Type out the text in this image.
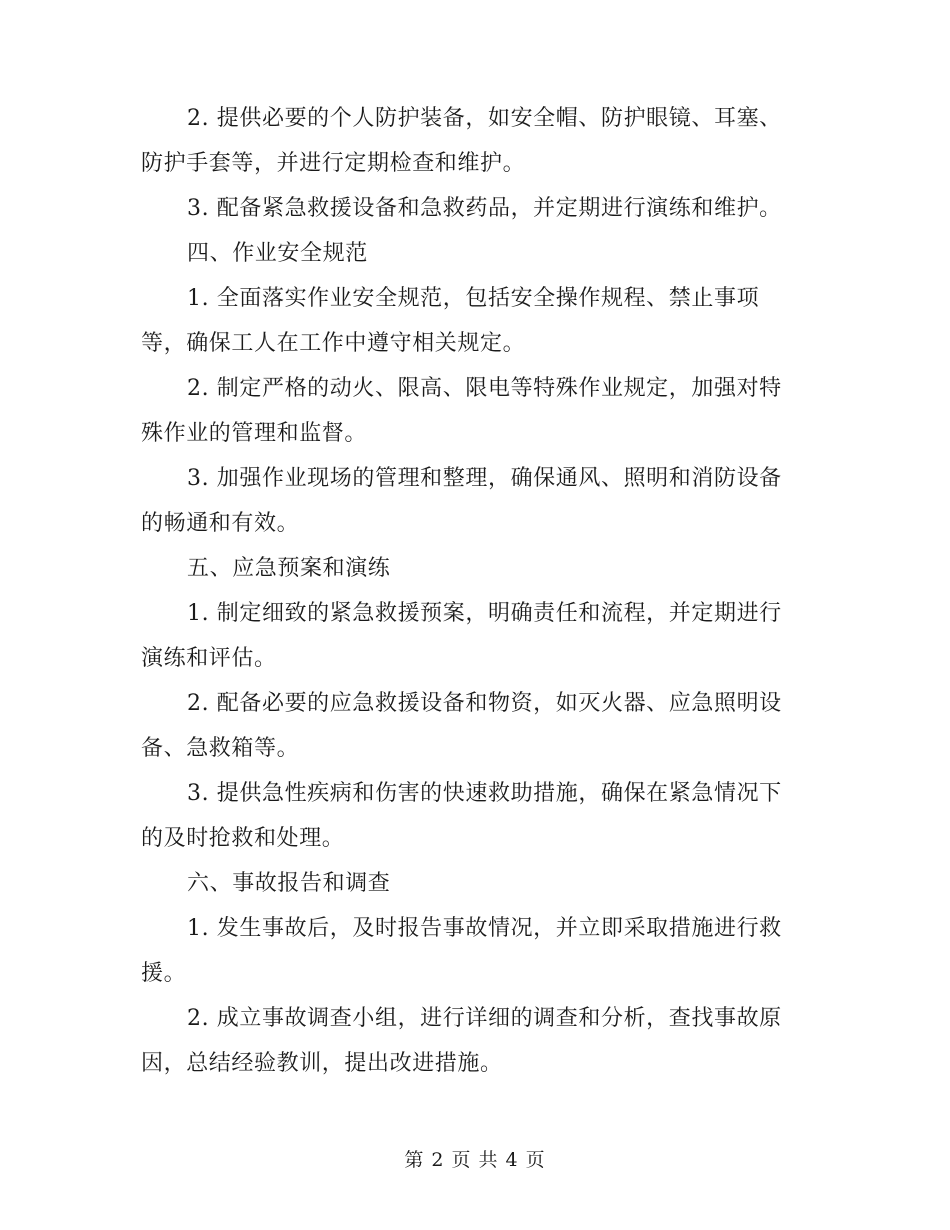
2. 提供必要的个人防护装备，如安全帽、防护眼镜、耳塞、
防护手套等，并进行定期检查和维护。
3. 配备紧急救援设备和急救药品，并定期进行演练和维护。
四、作业安全规范
1. 全面落实作业安全规范，包括安全操作规程、禁止事项
等，确保工人在工作中遵守相关规定。
2. 制定严格的动火、限高、限电等特殊作业规定，加强对特
殊作业的管理和监督。
3. 加强作业现场的管理和整理，确保通风、照明和消防设备
的畅通和有效。
五、应急预案和演练
1. 制定细致的紧急救援预案，明确责任和流程，并定期进行
演练和评估。
2. 配备必要的应急救援设备和物资，如灭火器、应急照明设
备、急救箱等。
3. 提供急性疾病和伤害的快速救助措施，确保在紧急情况下
的及时抢救和处理。
六、事故报告和调查
1. 发生事故后，及时报告事故情况，并立即采取措施进行救
援。
2. 成立事故调查小组，进行详细的调查和分析，查找事故原
因，总结经验教训，提出改进措施。
第 2 页 共 4 页
